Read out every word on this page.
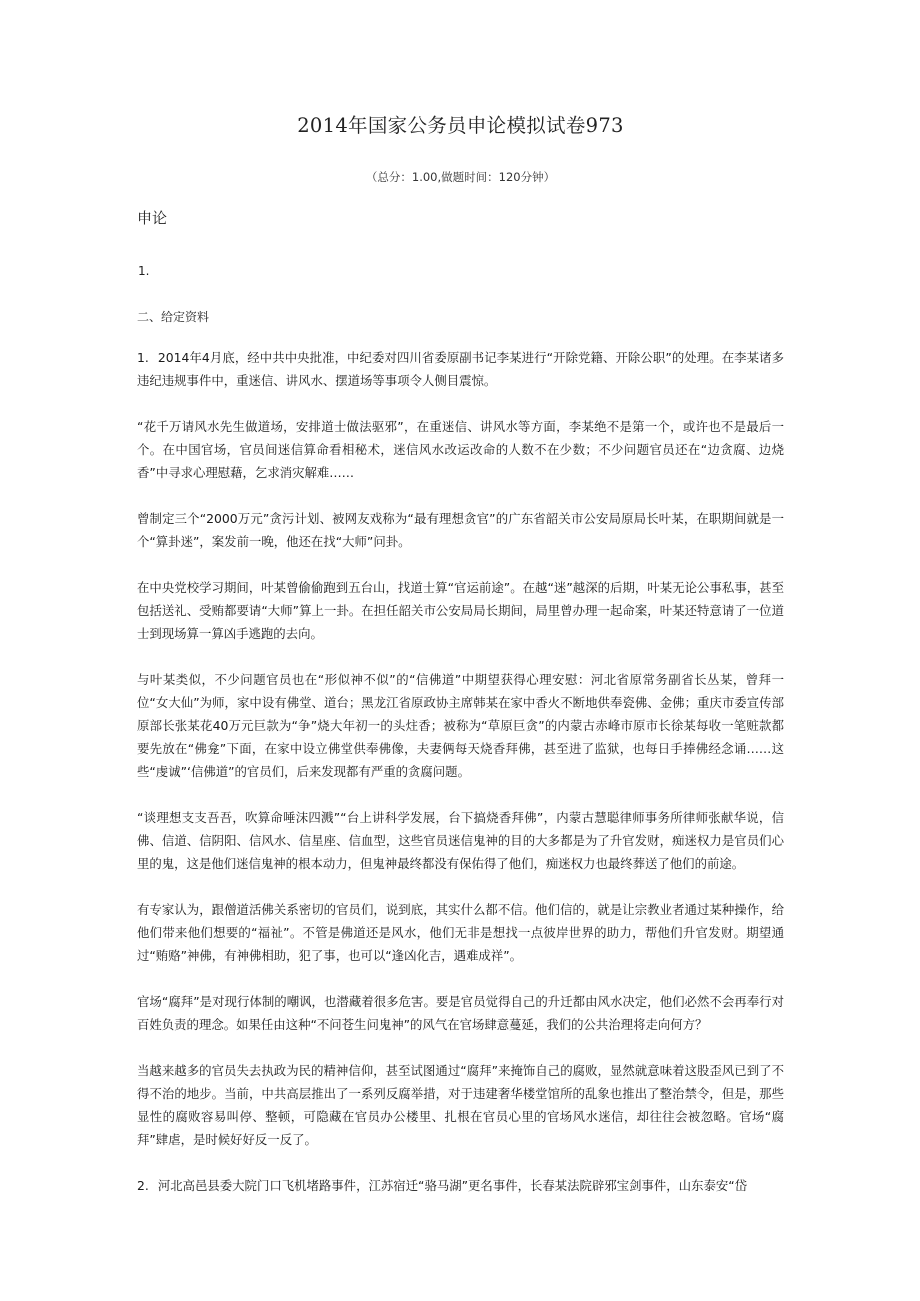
2014年国家公务员申论模拟试卷973
（总分：1.00,做题时间：120分钟）
申论
1.
二、给定资料

1. 2014年4月底，经中共中央批准，中纪委对四川省委原副书记李某进行“开除党籍、开除公职”的处理。在李某诸多违纪违规事件中，重迷信、讲风水、摆道场等事项令人侧目震惊。

“花千万请风水先生做道场，安排道士做法驱邪”，在重迷信、讲风水等方面，李某绝不是第一个，或许也不是最后一个。在中国官场，官员间迷信算命看相秘术，迷信风水改运改命的人数不在少数；不少问题官员还在“边贪腐、边烧香”中寻求心理慰藉，乞求消灾解难……

曾制定三个“2000万元”贪污计划、被网友戏称为“最有理想贪官”的广东省韶关市公安局原局长叶某，在职期间就是一个“算卦迷”，案发前一晚，他还在找“大师”问卦。

在中央党校学习期间，叶某曾偷偷跑到五台山，找道士算“官运前途”。在越“迷”越深的后期，叶某无论公事私事，甚至包括送礼、受贿都要请“大师”算上一卦。在担任韶关市公安局局长期间，局里曾办理一起命案，叶某还特意请了一位道士到现场算一算凶手逃跑的去向。

与叶某类似，不少问题官员也在“形似神不似”的“信佛道”中期望获得心理安慰：河北省原常务副省长丛某，曾拜一位“女大仙”为师，家中设有佛堂、道台；黑龙江省原政协主席韩某在家中香火不断地供奉瓷佛、金佛；重庆市委宣传部原部长张某花40万元巨款为“争”烧大年初一的头炷香；被称为“草原巨贪”的内蒙古赤峰市原市长徐某每收一笔赃款都要先放在“佛龛”下面，在家中设立佛堂供奉佛像，夫妻俩每天烧香拜佛，甚至进了监狱，也每日手捧佛经念诵……这些“虔诚”‘信佛道”的官员们，后来发现都有严重的贪腐问题。

“谈理想支支吾吾，吹算命唾沫四溅”“台上讲科学发展，台下搞烧香拜佛”，内蒙古慧聪律师事务所律师张献华说，信佛、信道、信阴阳、信风水、信星座、信血型，这些官员迷信鬼神的目的大多都是为了升官发财，痴迷权力是官员们心里的鬼，这是他们迷信鬼神的根本动力，但鬼神最终都没有保佑得了他们，痴迷权力也最终葬送了他们的前途。

有专家认为，跟僧道活佛关系密切的官员们，说到底，其实什么都不信。他们信的，就是让宗教业者通过某种操作，给他们带来他们想要的“福祉”。不管是佛道还是风水，他们无非是想找一点彼岸世界的助力，帮他们升官发财。期望通过“贿赂”神佛，有神佛相助，犯了事，也可以“逢凶化吉，遇难成祥”。

官场“腐拜”是对现行体制的嘲讽，也潜藏着很多危害。要是官员觉得自己的升迁都由风水决定，他们必然不会再奉行对百姓负责的理念。如果任由这种“不问苍生问鬼神”的风气在官场肆意蔓延，我们的公共治理将走向何方？

当越来越多的官员失去执政为民的精神信仰，甚至试图通过“腐拜”来掩饰自己的腐败，显然就意味着这股歪风已到了不得不治的地步。当前，中共高层推出了一系列反腐举措，对于违建奢华楼堂馆所的乱象也推出了整治禁令，但是，那些显性的腐败容易叫停、整顿，可隐藏在官员办公楼里、扎根在官员心里的官场风水迷信，却往往会被忽略。官场“腐拜”肆虐，是时候好好反一反了。

2. 河北高邑县委大院门口飞机堵路事件，江苏宿迁“骆马湖”更名事件，长春某法院辟邪宝剑事件，山东泰安“岱
